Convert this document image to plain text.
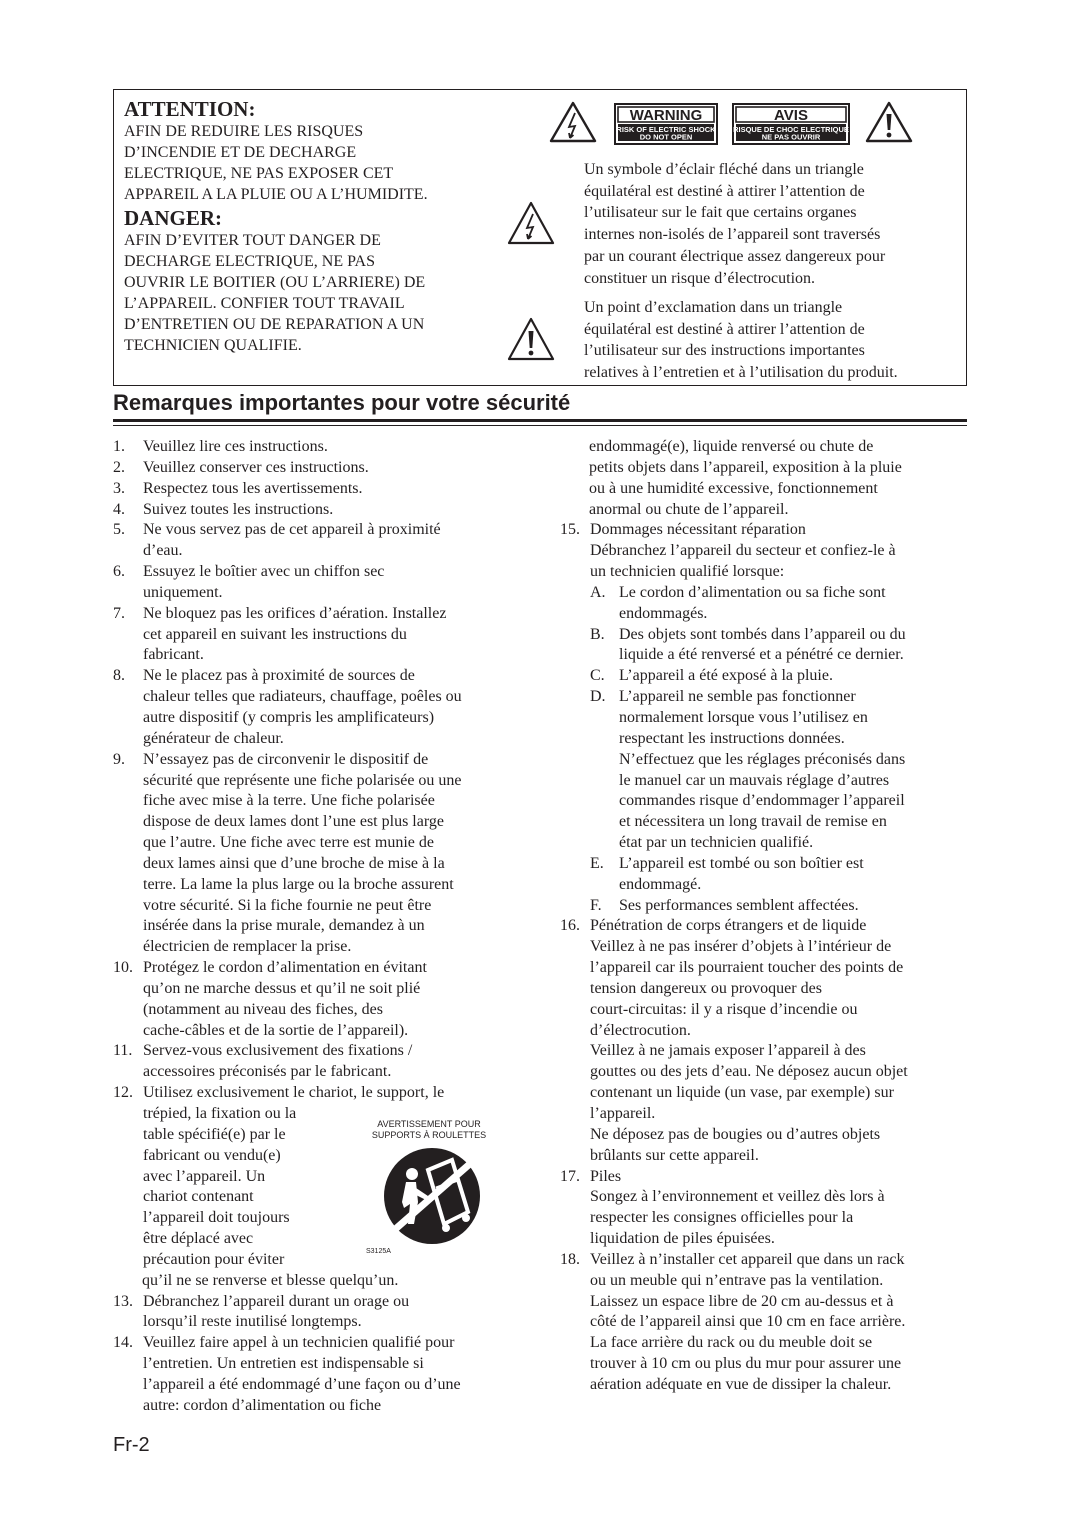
ATTENTION:
AFIN DE REDUIRE LES RISQUES
D’INCENDIE ET DE DECHARGE
ELECTRIQUE, NE PAS EXPOSER CET
APPAREIL A LA PLUIE OU A L’HUMIDITE.
DANGER:
AFIN D’EVITER TOUT DANGER DE
DECHARGE ELECTRIQUE, NE PAS
OUVRIR LE BOITIER (OU L’ARRIERE) DE
L’APPAREIL. CONFIER TOUT TRAVAIL
D’ENTRETIEN OU DE REPARATION A UN
TECHNICIEN QUALIFIE.
WARNING
RISK OF ELECTRIC SHOCK
DO NOT OPEN
AVIS
RISQUE DE CHOC ELECTRIQUE
NE PAS OUVRIR
Un symbole d’éclair fléché dans un triangle
équilatéral est destiné à attirer l’attention de
l’utilisateur sur le fait que certains organes
internes non-isolés de l’appareil sont traversés
par un courant électrique assez dangereux pour
constituer un risque d’électrocution.
Un point d’exclamation dans un triangle
équilatéral est destiné à attirer l’attention de
l’utilisateur sur des instructions importantes
relatives à l’entretien et à l’utilisation du produit.
Remarques importantes pour votre sécurité
1. Veuillez lire ces instructions.
2. Veuillez conserver ces instructions.
3. Respectez tous les avertissements.
4. Suivez toutes les instructions.
5. Ne vous servez pas de cet appareil à proximité
d’eau.
6. Essuyez le boîtier avec un chiffon sec
uniquement.
7. Ne bloquez pas les orifices d’aération. Installez
cet appareil en suivant les instructions du
fabricant.
8. Ne le placez pas à proximité de sources de
chaleur telles que radiateurs, chauffage, poêles ou
autre dispositif (y compris les amplificateurs)
générateur de chaleur.
9. N’essayez pas de circonvenir le dispositif de
sécurité que représente une fiche polarisée ou une
fiche avec mise à la terre. Une fiche polarisée
dispose de deux lames dont l’une est plus large
que l’autre. Une fiche avec terre est munie de
deux lames ainsi que d’une broche de mise à la
terre. La lame la plus large ou la broche assurent
votre sécurité. Si la fiche fournie ne peut être
insérée dans la prise murale, demandez à un
électricien de remplacer la prise.
10. Protégez le cordon d’alimentation en évitant
qu’on ne marche dessus et qu’il ne soit plié
(notamment au niveau des fiches, des
cache-câbles et de la sortie de l’appareil).
11. Servez-vous exclusivement des fixations /
accessoires préconisés par le fabricant.
12. Utilisez exclusivement le chariot, le support, le
trépied, la fixation ou la
table spécifié(e) par le
fabricant ou vendu(e)
avec l’appareil. Un
chariot contenant
l’appareil doit toujours
être déplacé avec
précaution pour éviter
AVERTISSEMENT POUR
SUPPORTS À ROULETTES
S3125A
qu’il ne se renverse et blesse quelqu’un.
13. Débranchez l’appareil durant un orage ou
lorsqu’il reste inutilisé longtemps.
14. Veuillez faire appel à un technicien qualifié pour
l’entretien. Un entretien est indispensable si
l’appareil a été endommagé d’une façon ou d’une
autre: cordon d’alimentation ou fiche
endommagé(e), liquide renversé ou chute de
petits objets dans l’appareil, exposition à la pluie
ou à une humidité excessive, fonctionnement
anormal ou chute de l’appareil.
15. Dommages nécessitant réparation
Débranchez l’appareil du secteur et confiez-le à
un technicien qualifié lorsque:
A. Le cordon d’alimentation ou sa fiche sont
endommagés.
B. Des objets sont tombés dans l’appareil ou du
liquide a été renversé et a pénétré ce dernier.
C. L’appareil a été exposé à la pluie.
D. L’appareil ne semble pas fonctionner
normalement lorsque vous l’utilisez en
respectant les instructions données.
N’effectuez que les réglages préconisés dans
le manuel car un mauvais réglage d’autres
commandes risque d’endommager l’appareil
et nécessitera un long travail de remise en
état par un technicien qualifié.
E. L’appareil est tombé ou son boîtier est
endommagé.
F. Ses performances semblent affectées.
16. Pénétration de corps étrangers et de liquide
Veillez à ne pas insérer d’objets à l’intérieur de
l’appareil car ils pourraient toucher des points de
tension dangereux ou provoquer des
court-circuitas: il y a risque d’incendie ou
d’électrocution.
Veillez à ne jamais exposer l’appareil à des
gouttes ou des jets d’eau. Ne déposez aucun objet
contenant un liquide (un vase, par exemple) sur
l’appareil.
Ne déposez pas de bougies ou d’autres objets
brûlants sur cette appareil.
17. Piles
Songez à l’environnement et veillez dès lors à
respecter les consignes officielles pour la
liquidation de piles épuisées.
18. Veillez à n’installer cet appareil que dans un rack
ou un meuble qui n’entrave pas la ventilation.
Laissez un espace libre de 20 cm au-dessus et à
côté de l’appareil ainsi que 10 cm en face arrière.
La face arrière du rack ou du meuble doit se
trouver à 10 cm ou plus du mur pour assurer une
aération adéquate en vue de dissiper la chaleur.
Fr-2
